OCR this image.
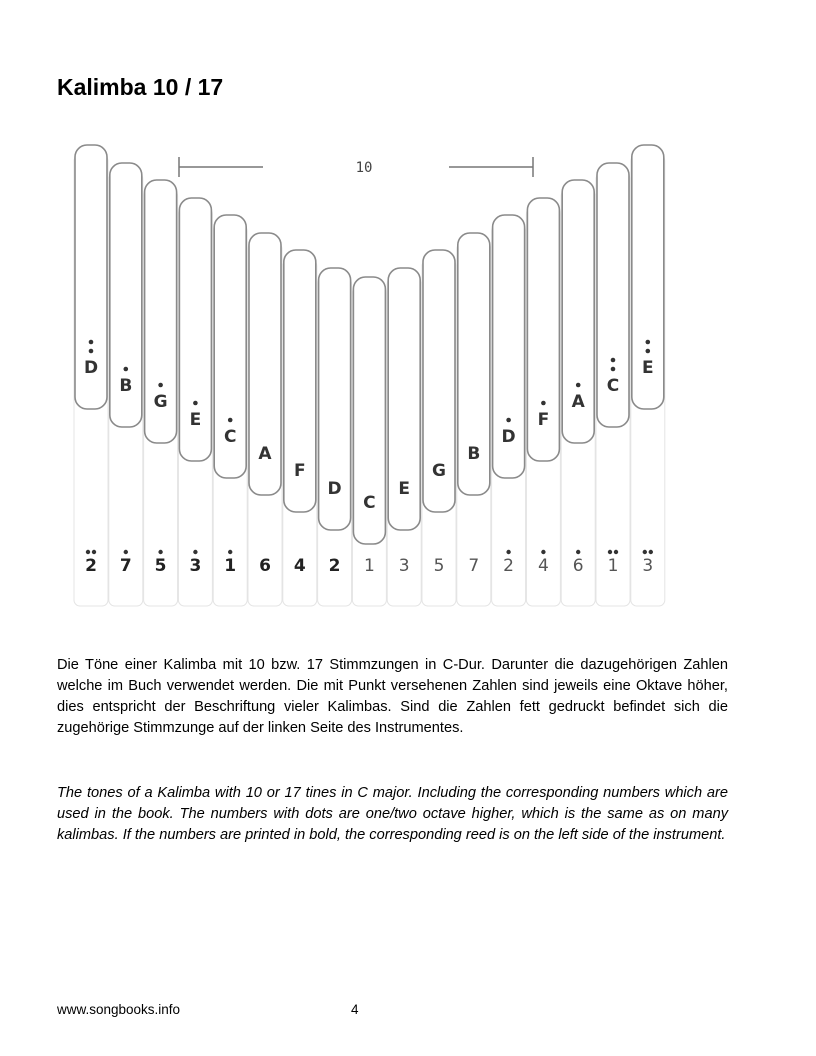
Kalimba 10 / 17
10
D
2
B
7
G
5
E
3
C
1
A
6
F
4
D
2
C
1
E
3
G
5
B
7
D
2
F
4
A
6
C
1
E
3
Die Töne einer Kalimba mit 10 bzw. 17 Stimmzungen in C-Dur. Darunter die dazugehörigen Zahlen welche im Buch verwendet werden. Die mit Punkt versehenen Zahlen sind jeweils eine Oktave höher, dies entspricht der Beschriftung vieler Kalimbas. Sind die Zahlen fett gedruckt befindet sich die zugehörige Stimmzunge auf der linken Seite des Instrumentes.
The tones of a Kalimba with 10 or 17 tines in C major. Including the corresponding numbers which are used in the book. The numbers with dots are one/two octave higher, which is the same as on many kalimbas. If the numbers are printed in bold, the corresponding reed is on the left side of the instrument.
www.songbooks.info	4
